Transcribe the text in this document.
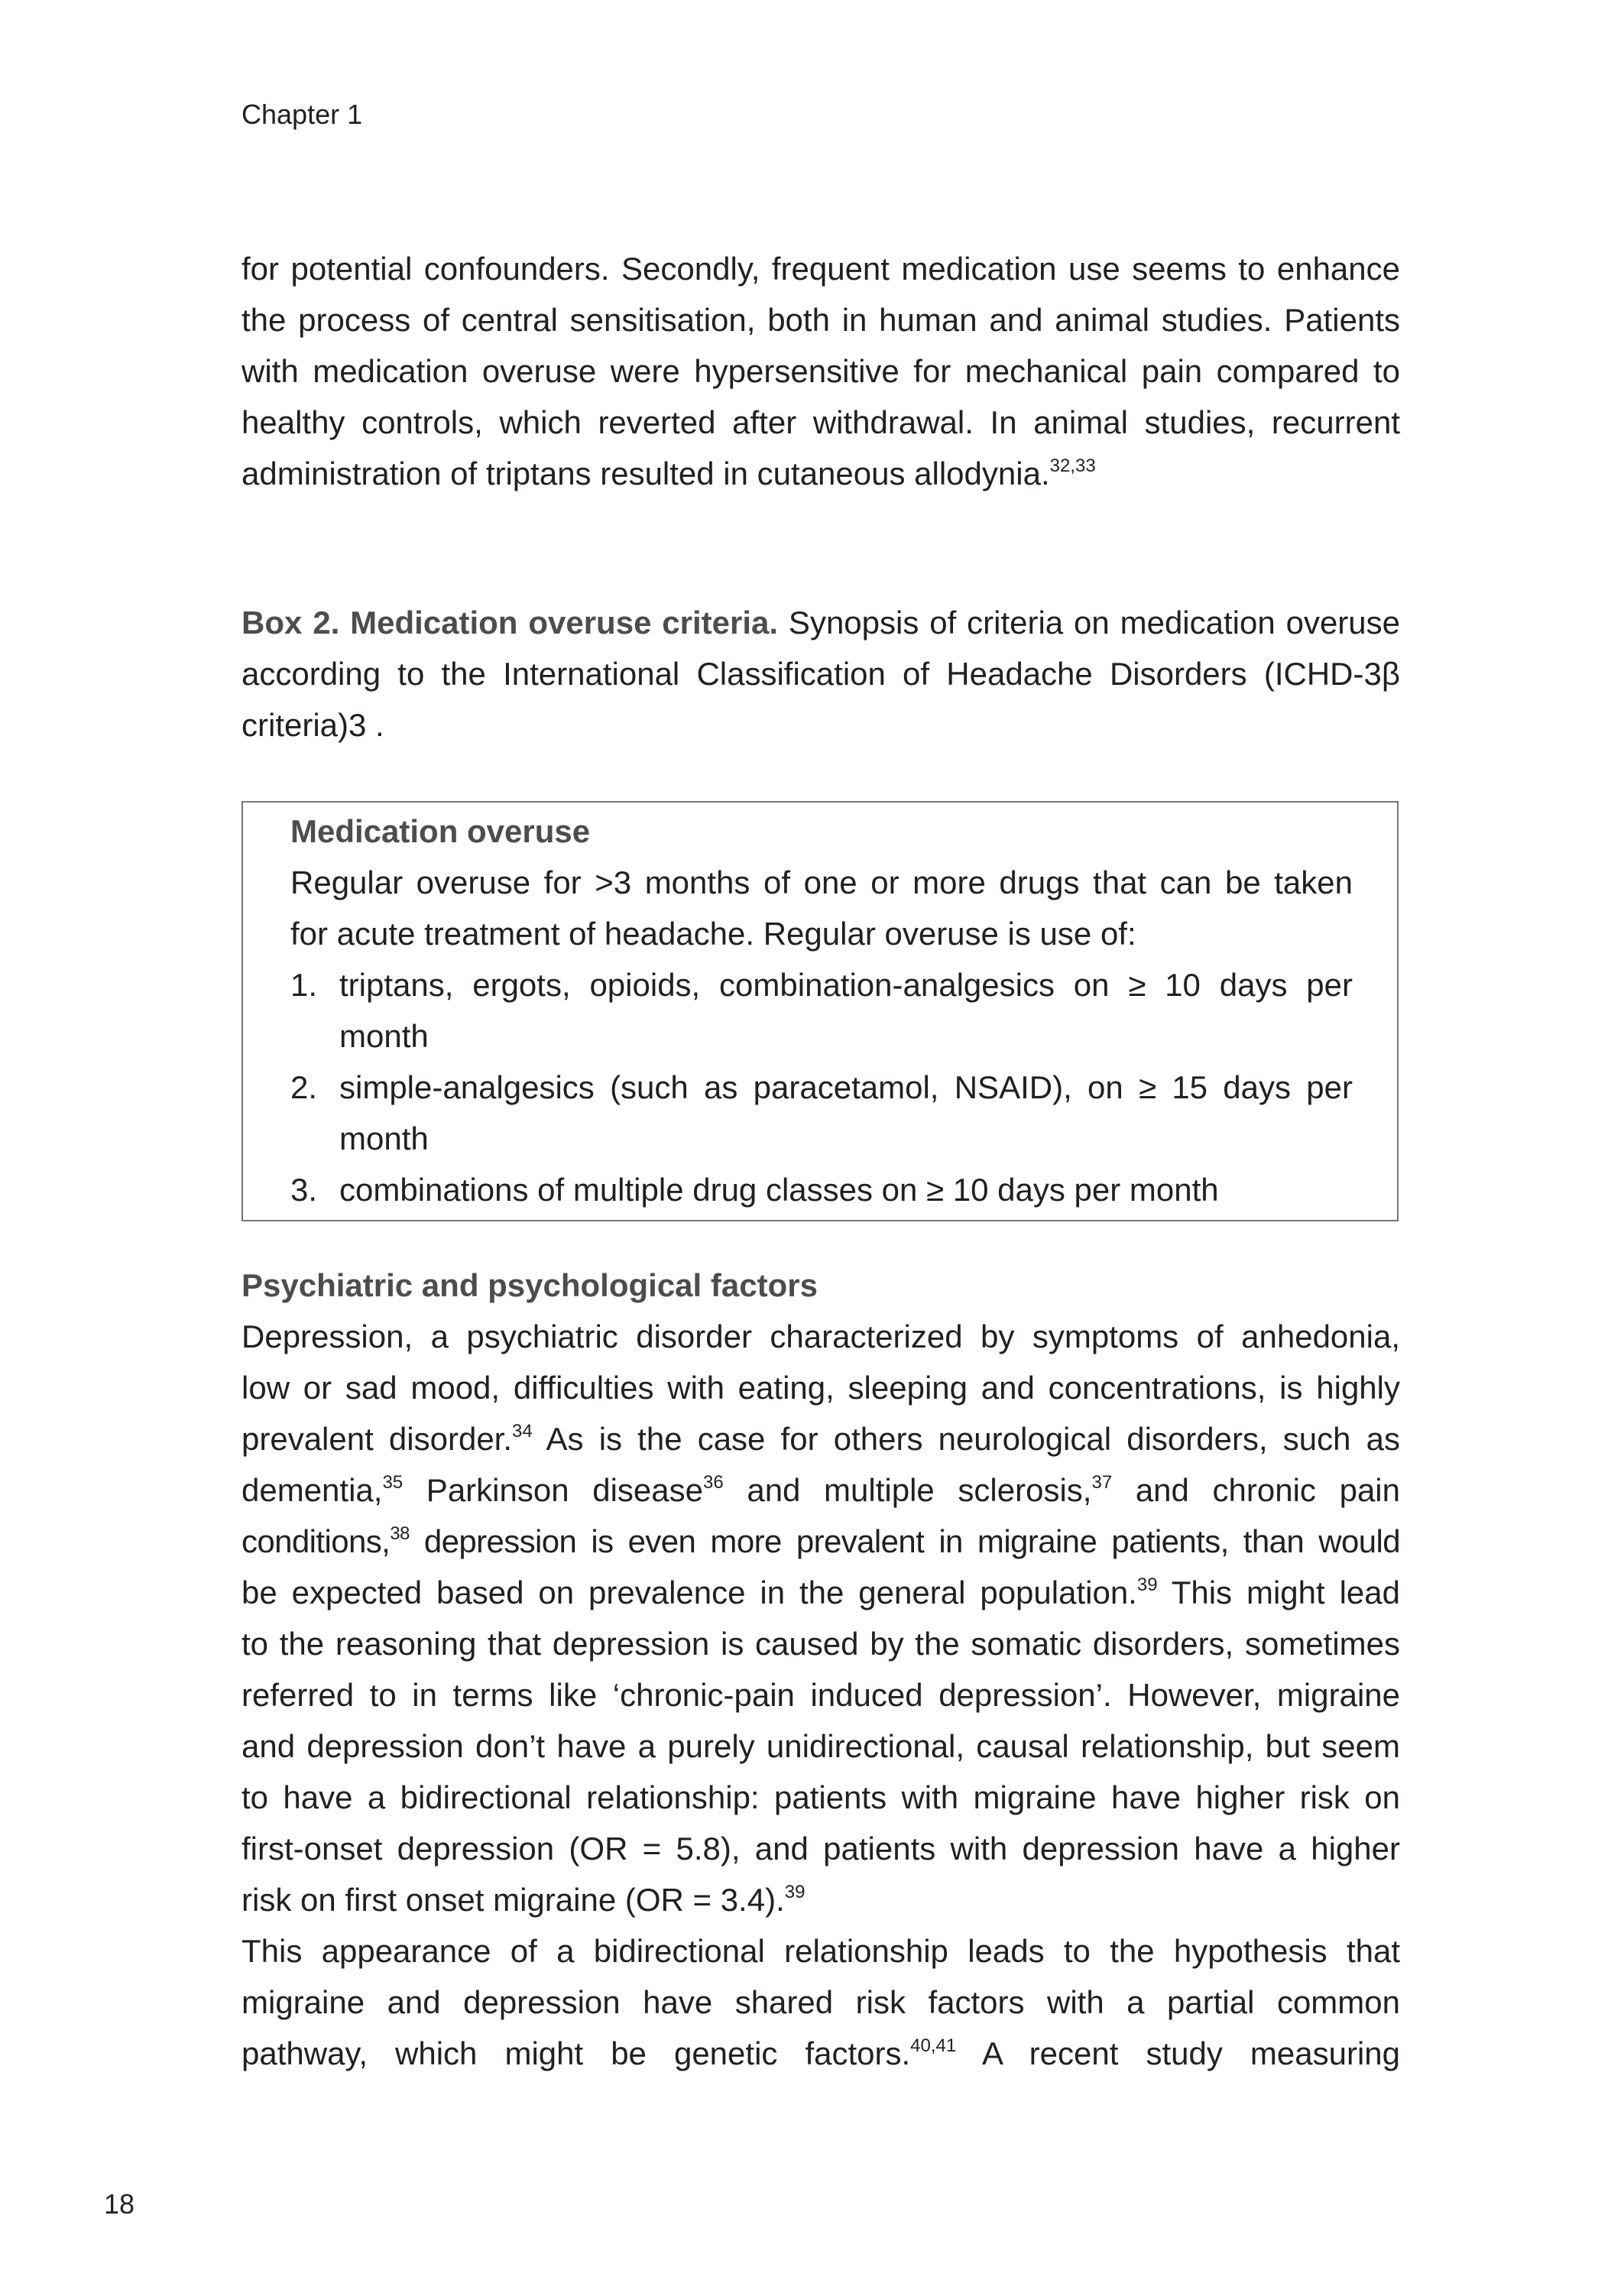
Chapter 1
for potential confounders. Secondly, frequent medication use seems to enhance
the process of central sensitisation, both in human and animal studies. Patients
with medication overuse were hypersensitive for mechanical pain compared to
healthy controls, which reverted after withdrawal. In animal studies, recurrent
administration of triptans resulted in cutaneous allodynia.$^{32,33}$
Box 2. Medication overuse criteria. Synopsis of criteria on medication overuse
according to the International Classification of Headache Disorders (ICHD-3β
criteria)3 .
Medication overuse
Regular overuse for >3 months of one or more drugs that can be taken
for acute treatment of headache. Regular overuse is use of:
1. triptans, ergots, opioids, combination-analgesics on ≥ 10 days per
month
2. simple-analgesics (such as paracetamol, NSAID), on ≥ 15 days per
month
3. combinations of multiple drug classes on ≥ 10 days per month
Psychiatric and psychological factors
Depression, a psychiatric disorder characterized by symptoms of anhedonia,
low or sad mood, difficulties with eating, sleeping and concentrations, is highly
prevalent disorder.$^{34}$ As is the case for others neurological disorders, such as
dementia,$^{35}$ Parkinson disease$^{36}$ and multiple sclerosis,$^{37}$ and chronic pain
conditions,$^{38}$ depression is even more prevalent in migraine patients, than would
be expected based on prevalence in the general population.$^{39}$ This might lead
to the reasoning that depression is caused by the somatic disorders, sometimes
referred to in terms like ‘chronic-pain induced depression’. However, migraine
and depression don’t have a purely unidirectional, causal relationship, but seem
to have a bidirectional relationship: patients with migraine have higher risk on
first-onset depression (OR = 5.8), and patients with depression have a higher
risk on first onset migraine (OR = 3.4).$^{39}$
This appearance of a bidirectional relationship leads to the hypothesis that
migraine and depression have shared risk factors with a partial common
pathway, which might be genetic factors.$^{40,41}$ A recent study measuring
18
